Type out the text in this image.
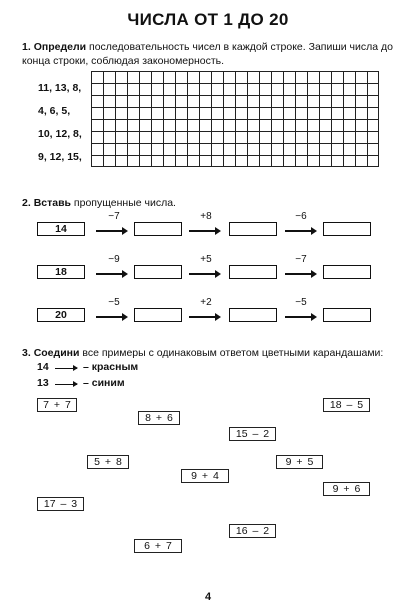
ЧИСЛА ОТ 1 ДО 20
1. Определи последовательность чисел в каждой строке. Запиши числа до конца строки, соблюдая закономерность.
11, 13, 8,
4, 6, 5,
10, 12, 8,
9, 12, 15,
2. Вставь пропущенные числа.
14
−7	+8	−6
18
−9	+5	−7
20
−5	+2	−5
3. Соедини все примеры с одинаковым ответом цветными карандашами:
14	– красным
13	– синим
7 + 7
8 + 6
18 – 5
15 – 2
5 + 8	9 + 5
9 + 4
9 + 6
17 – 3
16 – 2
6 + 7
4
